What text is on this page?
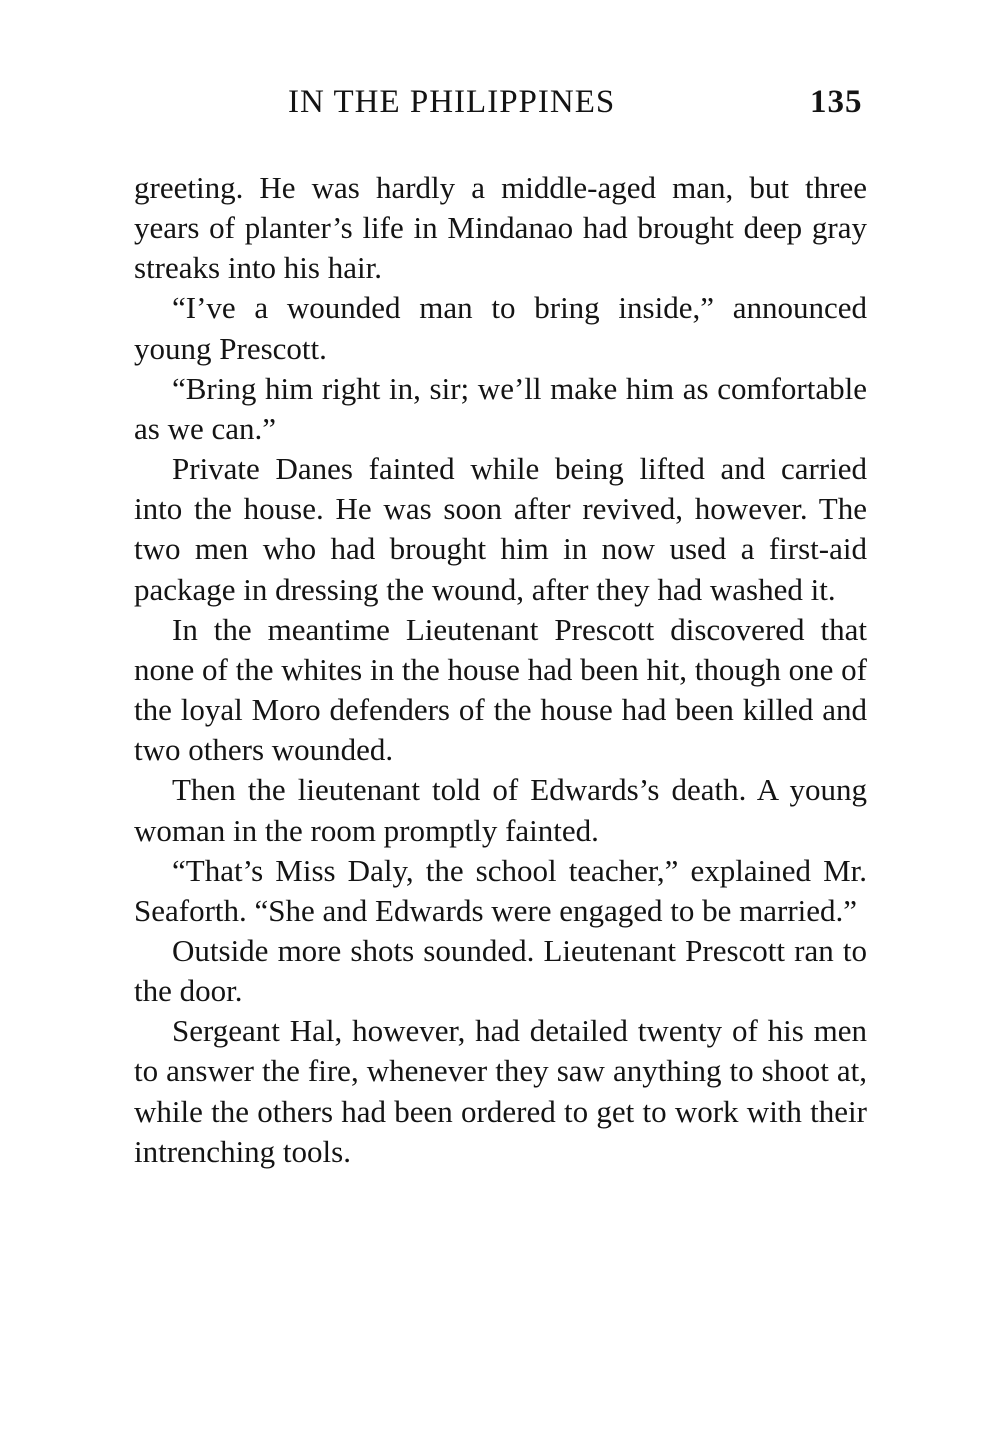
IN THE PHILIPPINES	135

greeting. He was hardly a middle-aged man, but three years of planter’s life in Mindanao had brought deep gray streaks into his hair.

“I’ve a wounded man to bring inside,” announced young Prescott.

“Bring him right in, sir; we’ll make him as comfortable as we can.”

Private Danes fainted while being lifted and carried into the house. He was soon after revived, however. The two men who had brought him in now used a first-aid package in dressing the wound, after they had washed it.

In the meantime Lieutenant Prescott discovered that none of the whites in the house had been hit, though one of the loyal Moro defenders of the house had been killed and two others wounded.

Then the lieutenant told of Edwards’s death. A young woman in the room promptly fainted.

“That’s Miss Daly, the school teacher,” explained Mr. Seaforth. “She and Edwards were engaged to be married.”

Outside more shots sounded. Lieutenant Prescott ran to the door.

Sergeant Hal, however, had detailed twenty of his men to answer the fire, whenever they saw anything to shoot at, while the others had been ordered to get to work with their intrenching tools.
